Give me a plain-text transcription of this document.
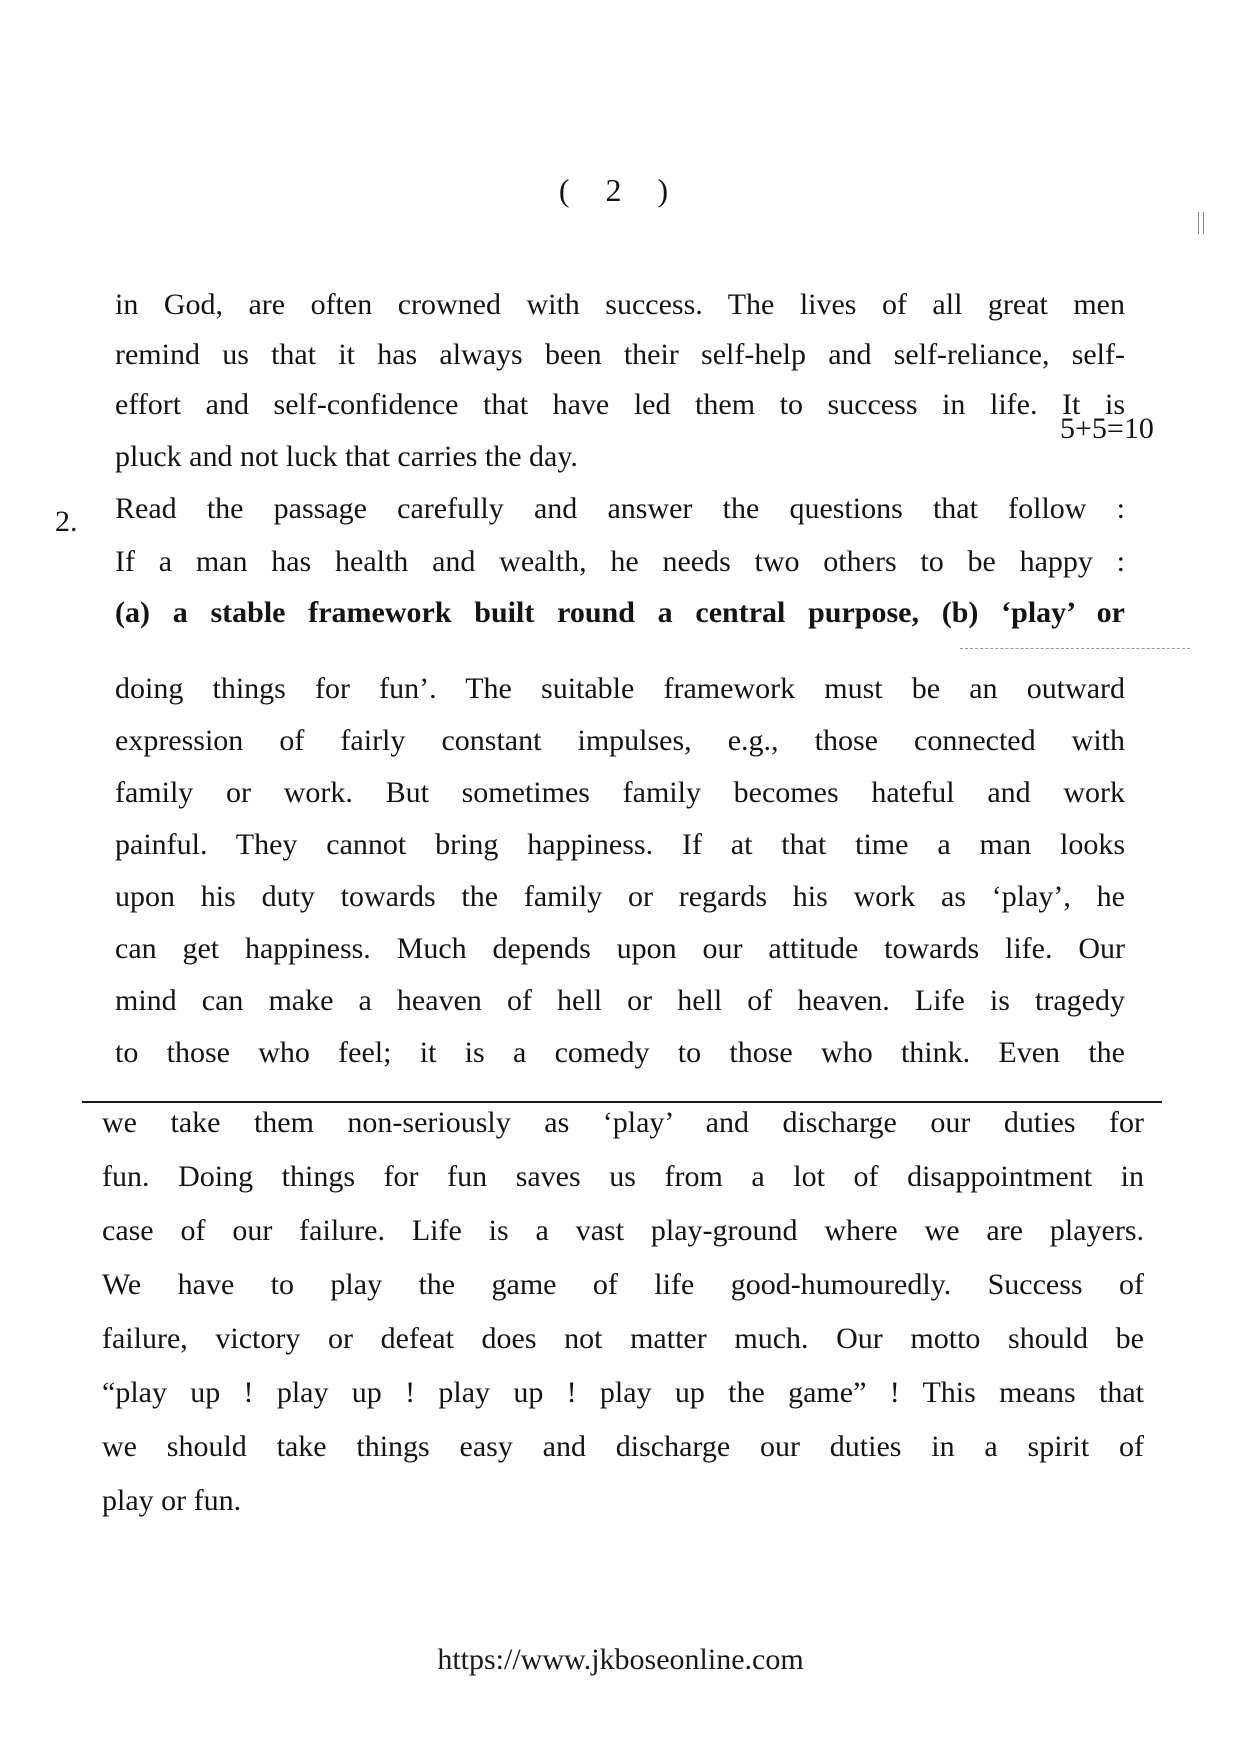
( 2 )
in God, are often crowned with success. The lives of all great men
remind us that it has always been their self-help and self-reliance, self-
effort and self-confidence that have led them to success in life. It is
pluck and not luck that carries the day.
5+5=10
2. Read the passage carefully and answer the questions that follow :
If a man has health and wealth, he needs two others to be happy :
(a) a stable framework built round a central purpose, (b) ‘play’ or
doing things for fun’. The suitable framework must be an outward
expression of fairly constant impulses, e.g., those connected with
family or work. But sometimes family becomes hateful and work
painful. They cannot bring happiness. If at that time a man looks
upon his duty towards the family or regards his work as ‘play’, he
can get happiness. Much depends upon our attitude towards life. Our
mind can make a heaven of hell or hell of heaven. Life is tragedy
to those who feel; it is a comedy to those who think. Even the
we take them non-seriously as ‘play’ and discharge our duties for
fun. Doing things for fun saves us from a lot of disappointment in
case of our failure. Life is a vast play-ground where we are players.
We have to play the game of life good-humouredly. Success of
failure, victory or defeat does not matter much. Our motto should be
“play up ! play up ! play up ! play up the game” ! This means that
we should take things easy and discharge our duties in a spirit of
play or fun.
https://www.jkboseonline.com
